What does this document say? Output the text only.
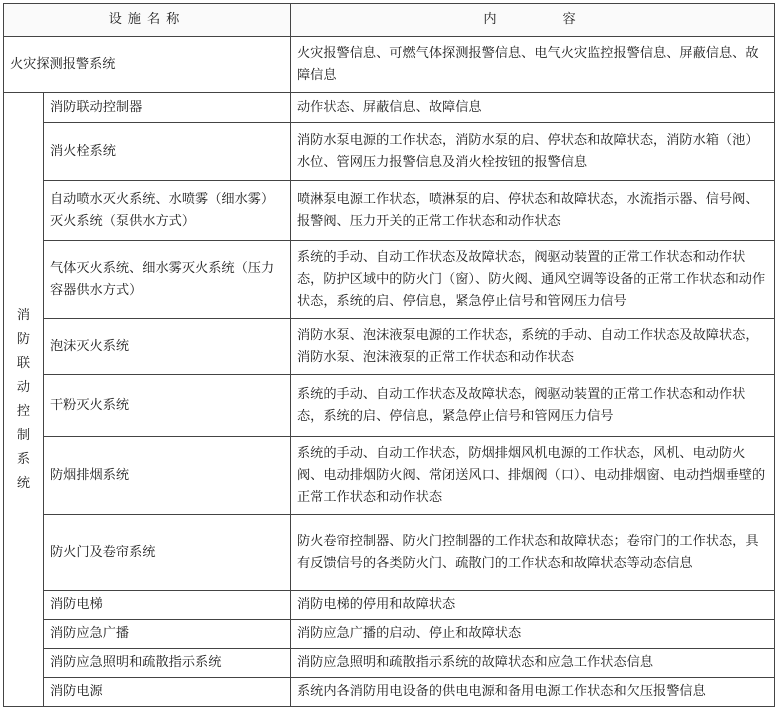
设施名称		内 容
火灾探测报警系统		火灾报警信息、可燃气体探测报警信息、电气火灾监控报警信息、屏蔽信息、故障信息
消防联动控制系统	消防联动控制器	动作状态、屏蔽信息、故障信息
	消火栓系统	消防水泵电源的工作状态，消防水泵的启、停状态和故障状态，消防水箱（池）水位、管网压力报警信息及消火栓按钮的报警信息
	自动喷水灭火系统、水喷雾（细水雾）灭火系统（泵供水方式）	喷淋泵电源工作状态，喷淋泵的启、停状态和故障状态，水流指示器、信号阀、报警阀、压力开关的正常工作状态和动作状态
	气体灭火系统、细水雾灭火系统（压力容器供水方式）	系统的手动、自动工作状态及故障状态，阀驱动装置的正常工作状态和动作状态，防护区域中的防火门（窗）、防火阀、通风空调等设备的正常工作状态和动作状态，系统的启、停信息，紧急停止信号和管网压力信号
	泡沫灭火系统	消防水泵、泡沫液泵电源的工作状态，系统的手动、自动工作状态及故障状态，消防水泵、泡沫液泵的正常工作状态和动作状态
	干粉灭火系统	系统的手动、自动工作状态及故障状态，阀驱动装置的正常工作状态和动作状态，系统的启、停信息，紧急停止信号和管网压力信号
	防烟排烟系统	系统的手动、自动工作状态，防烟排烟风机电源的工作状态，风机、电动防火阀、电动排烟防火阀、常闭送风口、排烟阀（口）、电动排烟窗、电动挡烟垂壁的正常工作状态和动作状态
	防火门及卷帘系统	防火卷帘控制器、防火门控制器的工作状态和故障状态；卷帘门的工作状态，具有反馈信号的各类防火门、疏散门的工作状态和故障状态等动态信息
	消防电梯	消防电梯的停用和故障状态
	消防应急广播	消防应急广播的启动、停止和故障状态
	消防应急照明和疏散指示系统	消防应急照明和疏散指示系统的故障状态和应急工作状态信息
	消防电源	系统内各消防用电设备的供电电源和备用电源工作状态和欠压报警信息
